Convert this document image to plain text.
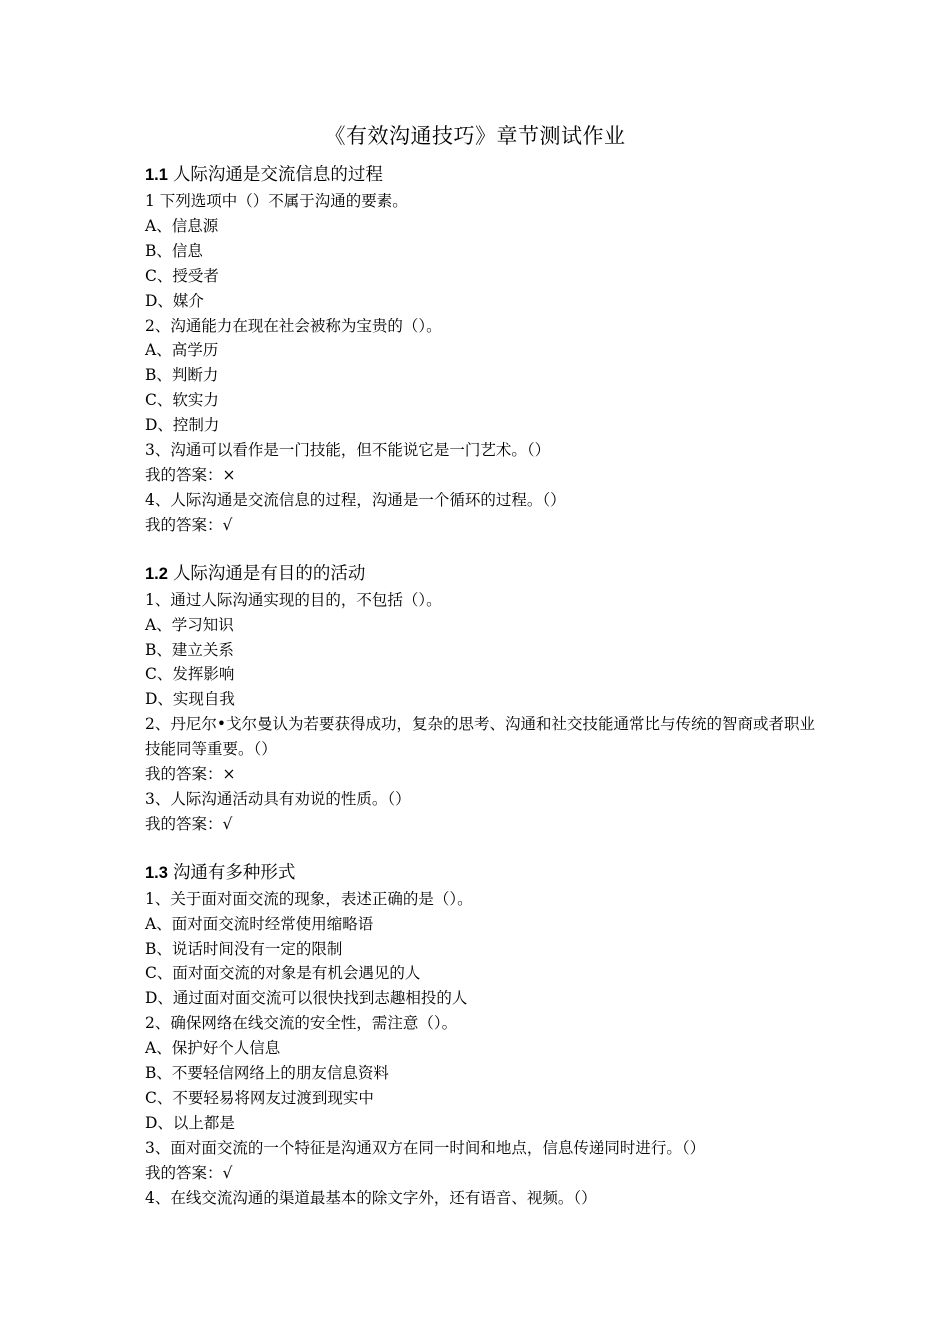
《有效沟通技巧》章节测试作业
1.1 人际沟通是交流信息的过程
1 下列选项中（）不属于沟通的要素。
A、信息源
B、信息
C、授受者
D、媒介
2、沟通能力在现在社会被称为宝贵的（）。
A、高学历
B、判断力
C、软实力
D、控制力
3、沟通可以看作是一门技能，但不能说它是一门艺术。（）
我的答案：×
4、人际沟通是交流信息的过程，沟通是一个循环的过程。（）
我的答案：√
1.2 人际沟通是有目的的活动
1、通过人际沟通实现的目的，不包括（）。
A、学习知识
B、建立关系
C、发挥影响
D、实现自我
2、丹尼尔•戈尔曼认为若要获得成功，复杂的思考、沟通和社交技能通常比与传统的智商或者职业技能同等重要。（）
我的答案：×
3、人际沟通活动具有劝说的性质。（）
我的答案：√
1.3 沟通有多种形式
1、关于面对面交流的现象，表述正确的是（）。
A、面对面交流时经常使用缩略语
B、说话时间没有一定的限制
C、面对面交流的对象是有机会遇见的人
D、通过面对面交流可以很快找到志趣相投的人
2、确保网络在线交流的安全性，需注意（）。
A、保护好个人信息
B、不要轻信网络上的朋友信息资料
C、不要轻易将网友过渡到现实中
D、以上都是
3、面对面交流的一个特征是沟通双方在同一时间和地点，信息传递同时进行。（）
我的答案：√
4、在线交流沟通的渠道最基本的除文字外，还有语音、视频。（）
